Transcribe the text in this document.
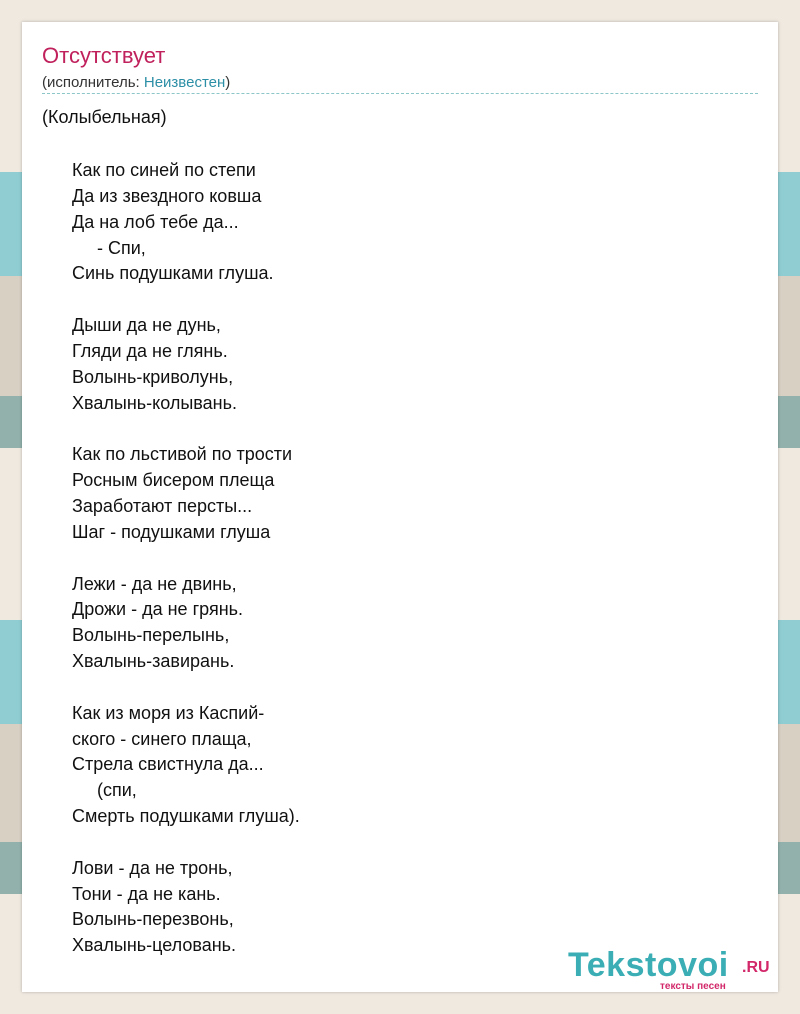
Отсутствует
(исполнитель: Неизвестен)
(Колыбельная)
Как по синей по степи
Да из звездного ковша
Да на лоб тебе да...
- Спи,
Синь подушками глуша.

Дыши да не дунь,
Гляди да не глянь.
Волынь-криволунь,
Хвалынь-колывань.

Как по льстивой по трости
Росным бисером плеща
Заработают персты...
Шаг - подушками глуша

Лежи - да не двинь,
Дрожи - да не грянь.
Волынь-перелынь,
Хвалынь-завирань.

Как из моря из Каспий-
ского - синего плаща,
Стрела свистнула да...
(спи,
Смерть подушками глуша).

Лови - да не тронь,
Тони - да не кань.
Волынь-перезвонь,
Хвалынь-целовань.
Tekstovoi .RU
тексты песен
